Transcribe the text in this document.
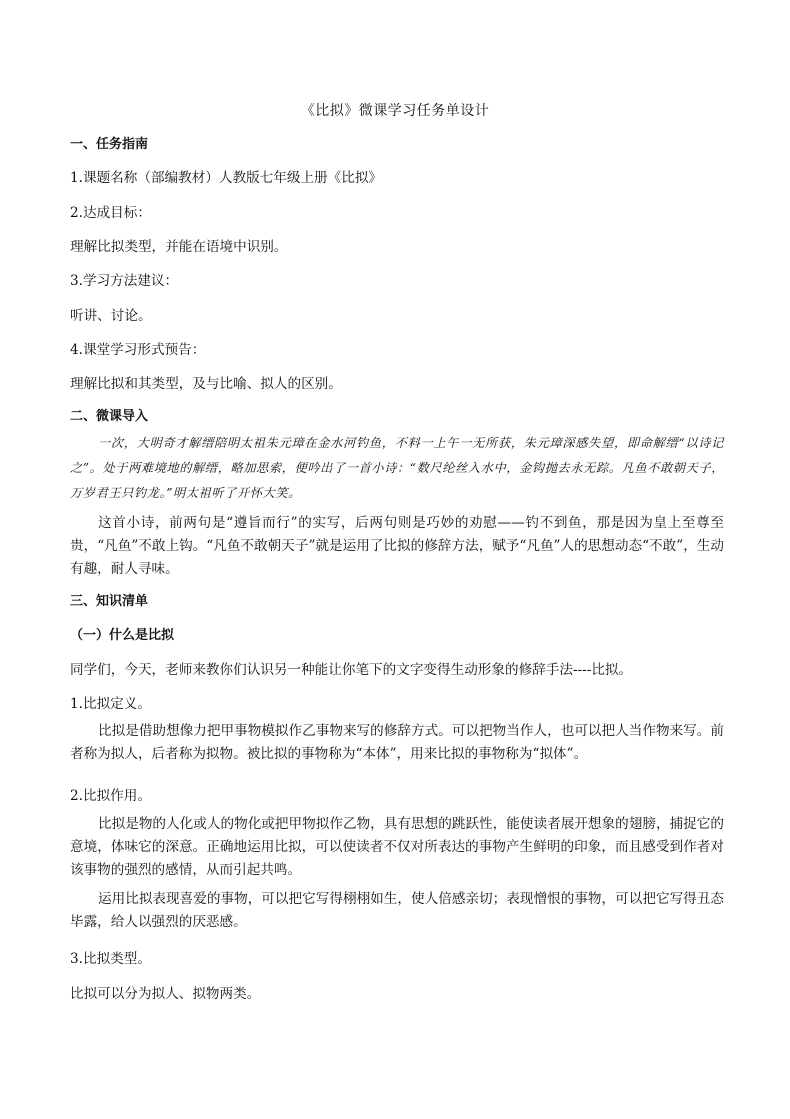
《比拟》微课学习任务单设计
一、任务指南
1.课题名称（部编教材）人教版七年级上册《比拟》
2.达成目标：
理解比拟类型，并能在语境中识别。
3.学习方法建议：
听讲、讨论。
4.课堂学习形式预告：
理解比拟和其类型，及与比喻、拟人的区别。
二、微课导入
一次，大明奇才解缙陪明太祖朱元璋在金水河钓鱼，不料一上午一无所获，朱元璋深感失望，即命解缙“以诗记之”。处于两难境地的解缙，略加思索，便吟出了一首小诗：“数尺纶丝入水中，金钩抛去永无踪。凡鱼不敢朝天子，万岁君王只钓龙。”明太祖听了开怀大笑。
这首小诗，前两句是“遵旨而行”的实写，后两句则是巧妙的劝慰——钓不到鱼，那是因为皇上至尊至贵，“凡鱼”不敢上钩。“凡鱼不敢朝天子”就是运用了比拟的修辞方法，赋予“凡鱼”人的思想动态“不敢”，生动有趣，耐人寻味。
三、知识清单
（一）什么是比拟
同学们，今天，老师来教你们认识另一种能让你笔下的文字变得生动形象的修辞手法----比拟。
1.比拟定义。
比拟是借助想像力把甲事物模拟作乙事物来写的修辞方式。可以把物当作人，也可以把人当作物来写。前者称为拟人，后者称为拟物。被比拟的事物称为“本体”，用来比拟的事物称为“拟体”。
2.比拟作用。
比拟是物的人化或人的物化或把甲物拟作乙物，具有思想的跳跃性，能使读者展开想象的翅膀，捕捉它的意境，体味它的深意。正确地运用比拟，可以使读者不仅对所表达的事物产生鲜明的印象，而且感受到作者对该事物的强烈的感情，从而引起共鸣。
运用比拟表现喜爱的事物，可以把它写得栩栩如生，使人倍感亲切；表现憎恨的事物，可以把它写得丑态毕露，给人以强烈的厌恶感。
3.比拟类型。
比拟可以分为拟人、拟物两类。
